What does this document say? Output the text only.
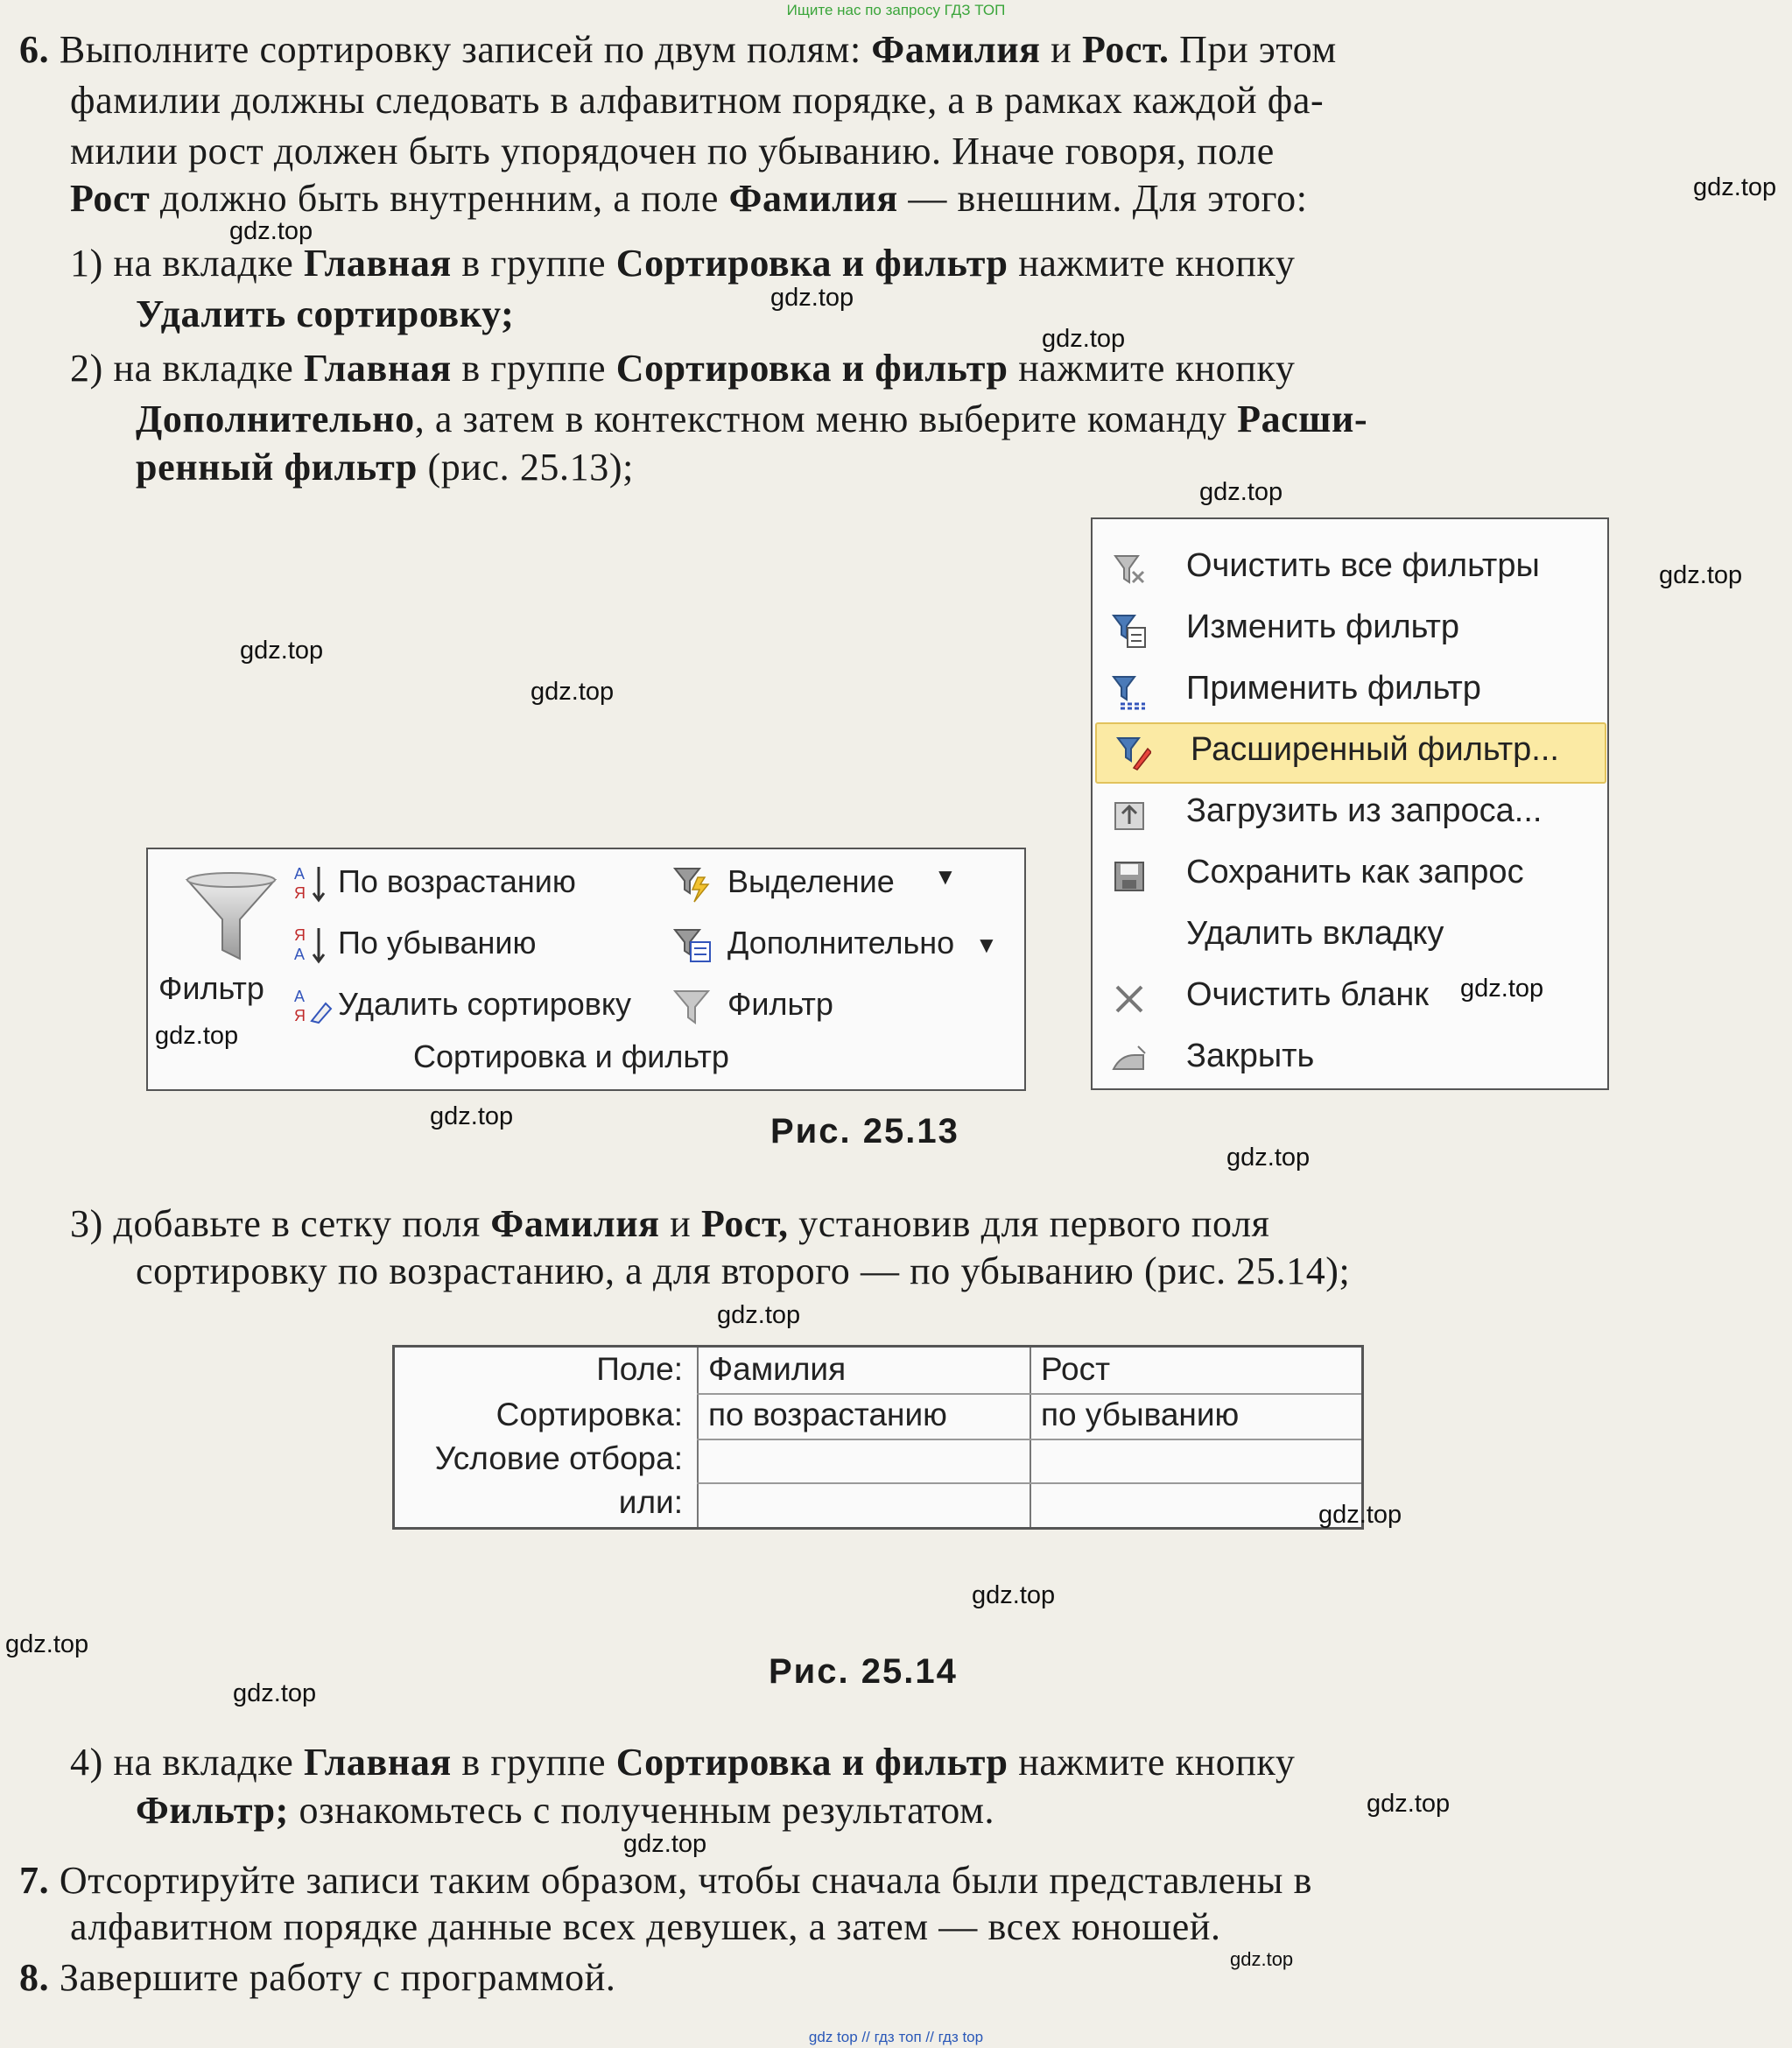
Ищите нас по запросу ГДЗ ТОП
6. Выполните сортировку записей по двум полям: Фамилия и Рост. При этом
фамилии должны следовать в алфавитном порядке, а в рамках каждой фа-
милии рост должен быть упорядочен по убыванию. Иначе говоря, поле
Рост должно быть внутренним, а поле Фамилия — внешним. Для этого:
1) на вкладке Главная в группе Сортировка и фильтр нажмите кнопку
Удалить сортировку;
2) на вкладке Главная в группе Сортировка и фильтр нажмите кнопку
Дополнительно, а затем в контекстном меню выберите команду Расши-
ренный фильтр (рис. 25.13);
Фильтр
А
Я По возрастанию
Я
А По убыванию
А
Я Удалить сортировку
Выделение ▼
Дополнительно ▼
Фильтр
Сортировка и фильтр
Очистить все фильтры
Изменить фильтр
Применить фильтр
Расширенный фильтр...
Загрузить из запроса...
Сохранить как запрос
Удалить вкладку
Очистить бланк
Закрыть
Рис. 25.13
3) добавьте в сетку поля Фамилия и Рост, установив для первого поля
сортировку по возрастанию, а для второго — по убыванию (рис. 25.14);
Поле:
Сортировка:
Условие отбора:
или:
Фамилия
по возрастанию
Рост
по убыванию
Рис. 25.14
4) на вкладке Главная в группе Сортировка и фильтр нажмите кнопку
Фильтр; ознакомьтесь с полученным результатом.
7. Отсортируйте записи таким образом, чтобы сначала были представлены в
алфавитном порядке данные всех девушек, а затем — всех юношей.
8. Завершите работу с программой.
gdz.top
gdz.top
gdz.top
gdz.top
gdz.top
gdz.top
gdz.top
gdz.top
gdz.top
gdz.top
gdz.top
gdz.top
gdz.top
gdz.top
gdz.top
gdz.top
gdz.top
gdz.top
gdz.top
gdz.top
gdz top // гдз топ // гдз top
